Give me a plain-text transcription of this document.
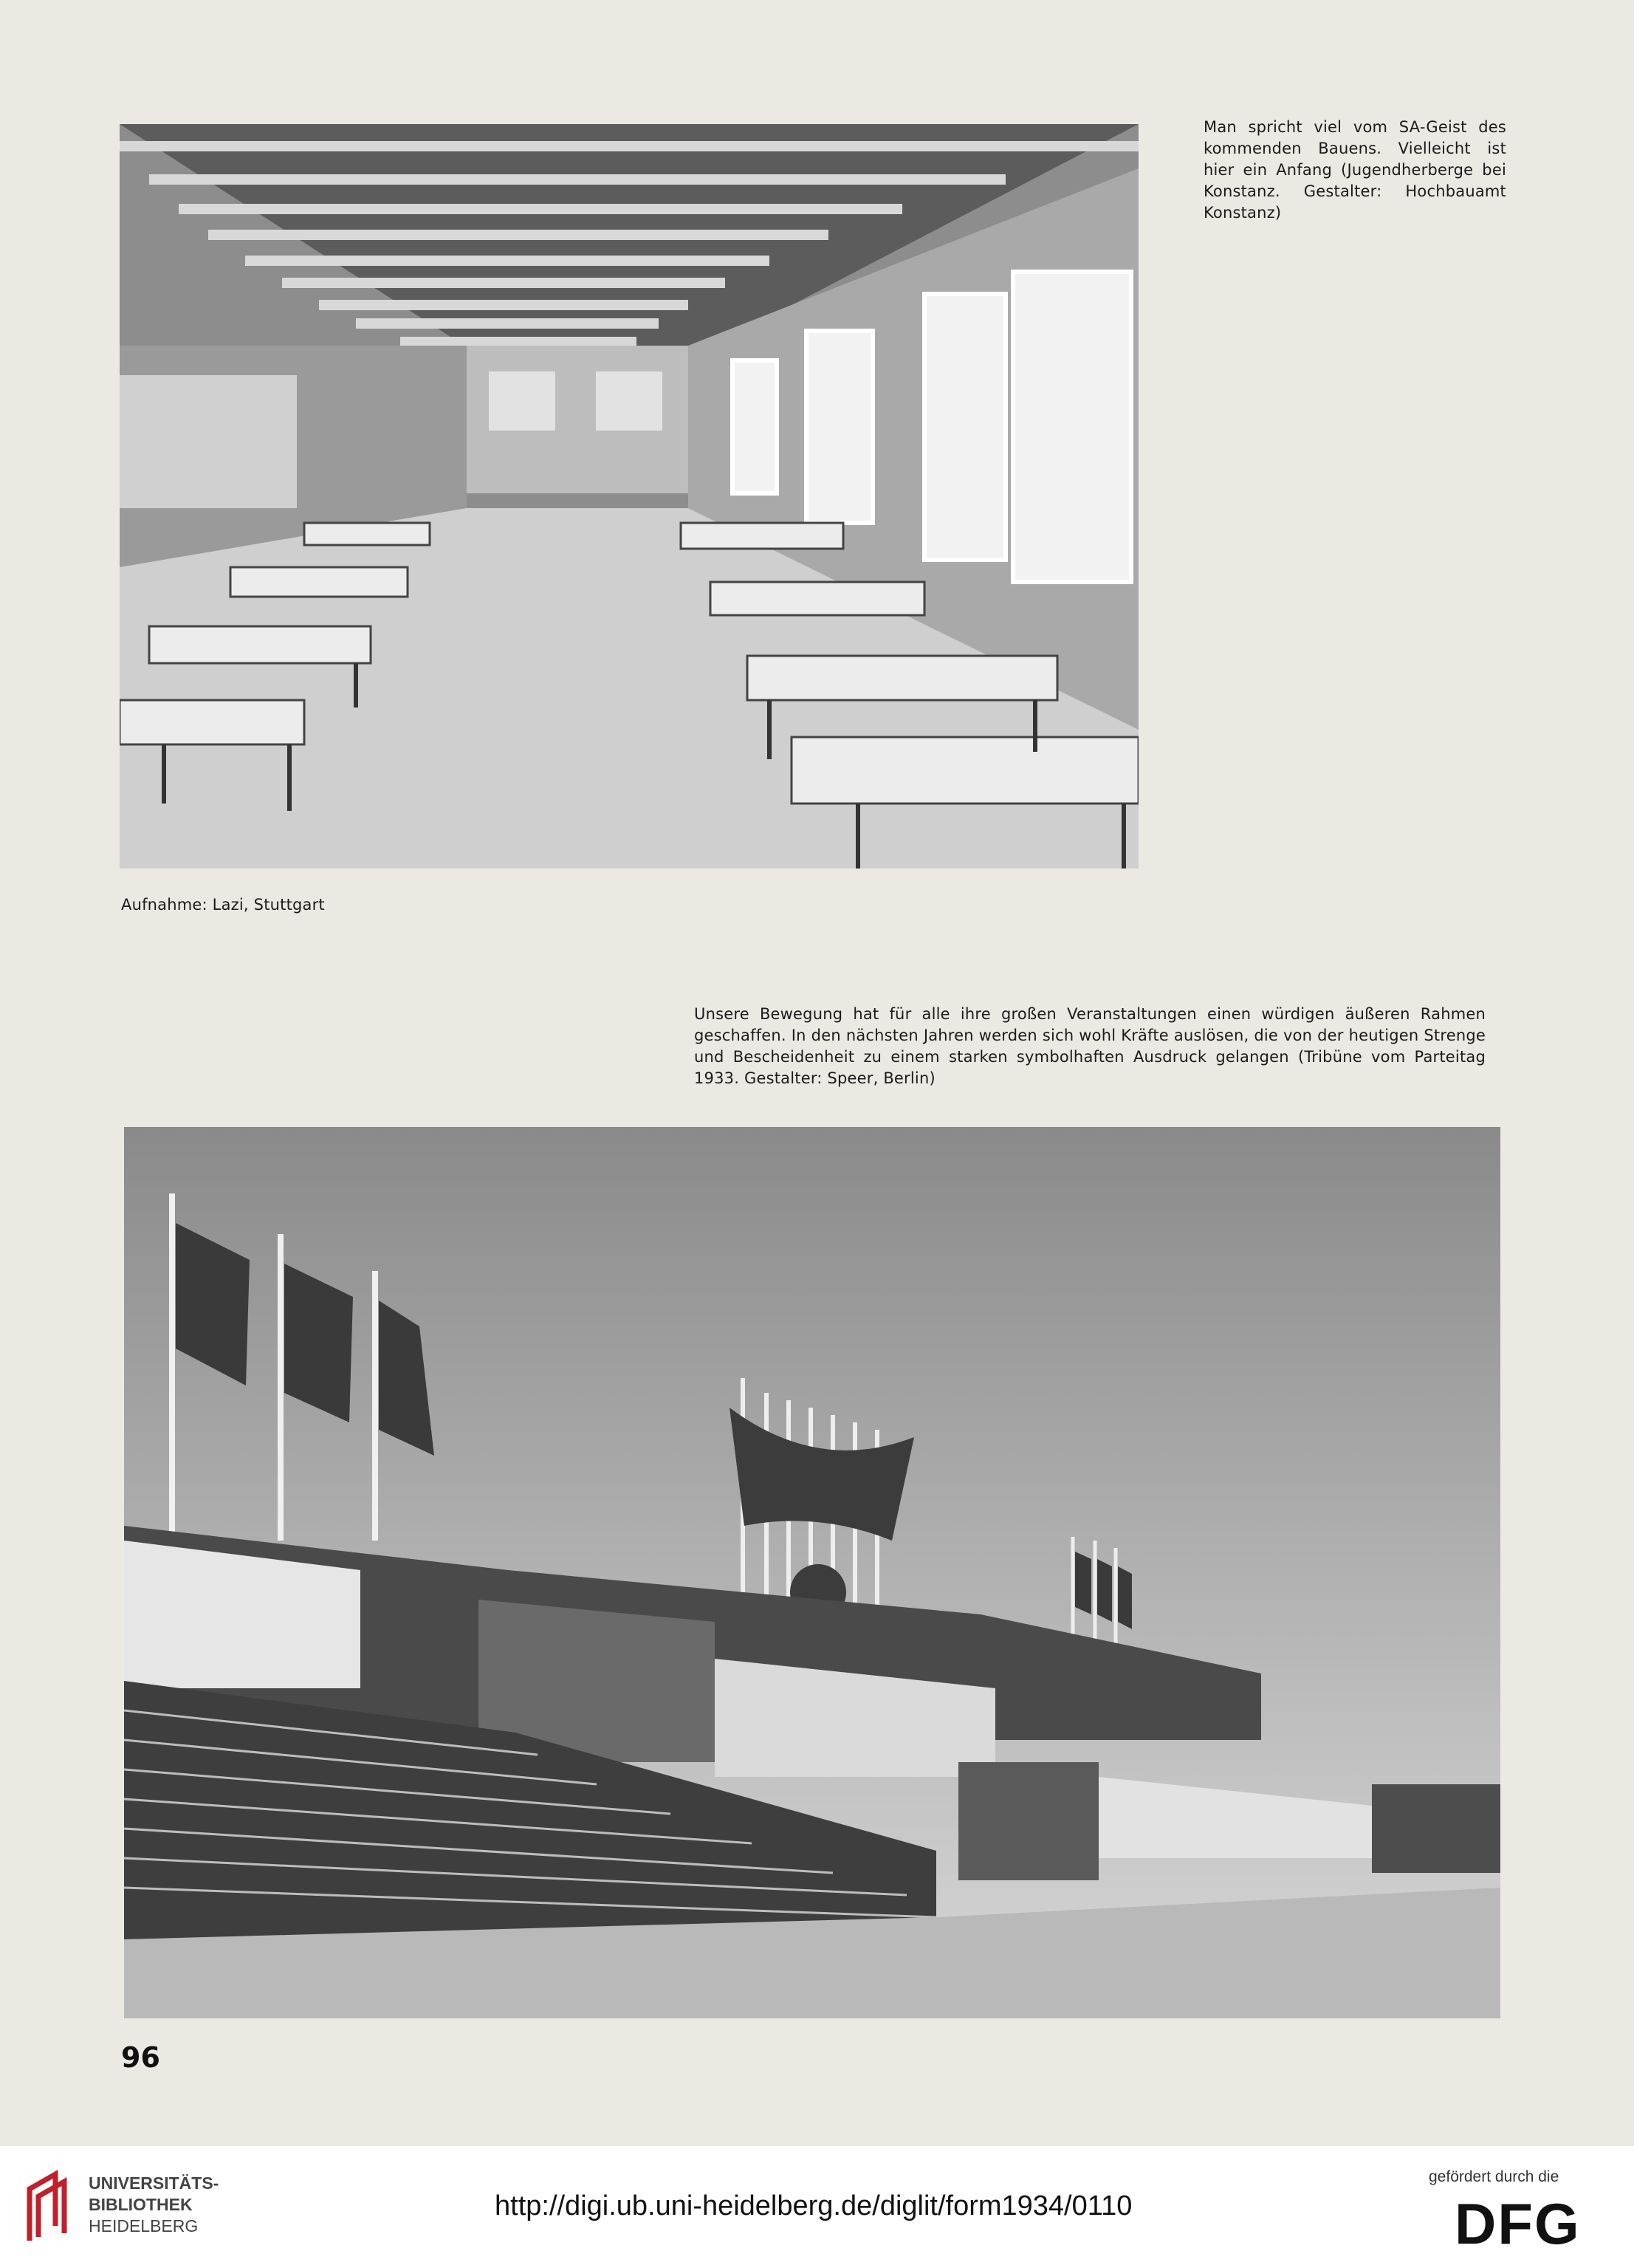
Man spricht viel vom SA-Geist des kommenden Bauens. Vielleicht ist hier ein Anfang (Jugendherberge bei Konstanz. Gestalter: Hochbauamt Konstanz)
Aufnahme: Lazi, Stuttgart
Unsere Bewegung hat für alle ihre großen Veranstaltungen einen würdigen äußeren Rahmen geschaffen. In den nächsten Jahren werden sich wohl Kräfte auslösen, die von der heutigen Strenge und Bescheidenheit zu einem starken symbolhaften Ausdruck gelangen (Tribüne vom Parteitag 1933. Gestalter: Speer, Berlin)
96
UNIVERSITÄTS-
BIBLIOTHEK
HEIDELBERG
http://digi.ub.uni-heidelberg.de/diglit/form1934/0110
gefördert durch die
DFG
